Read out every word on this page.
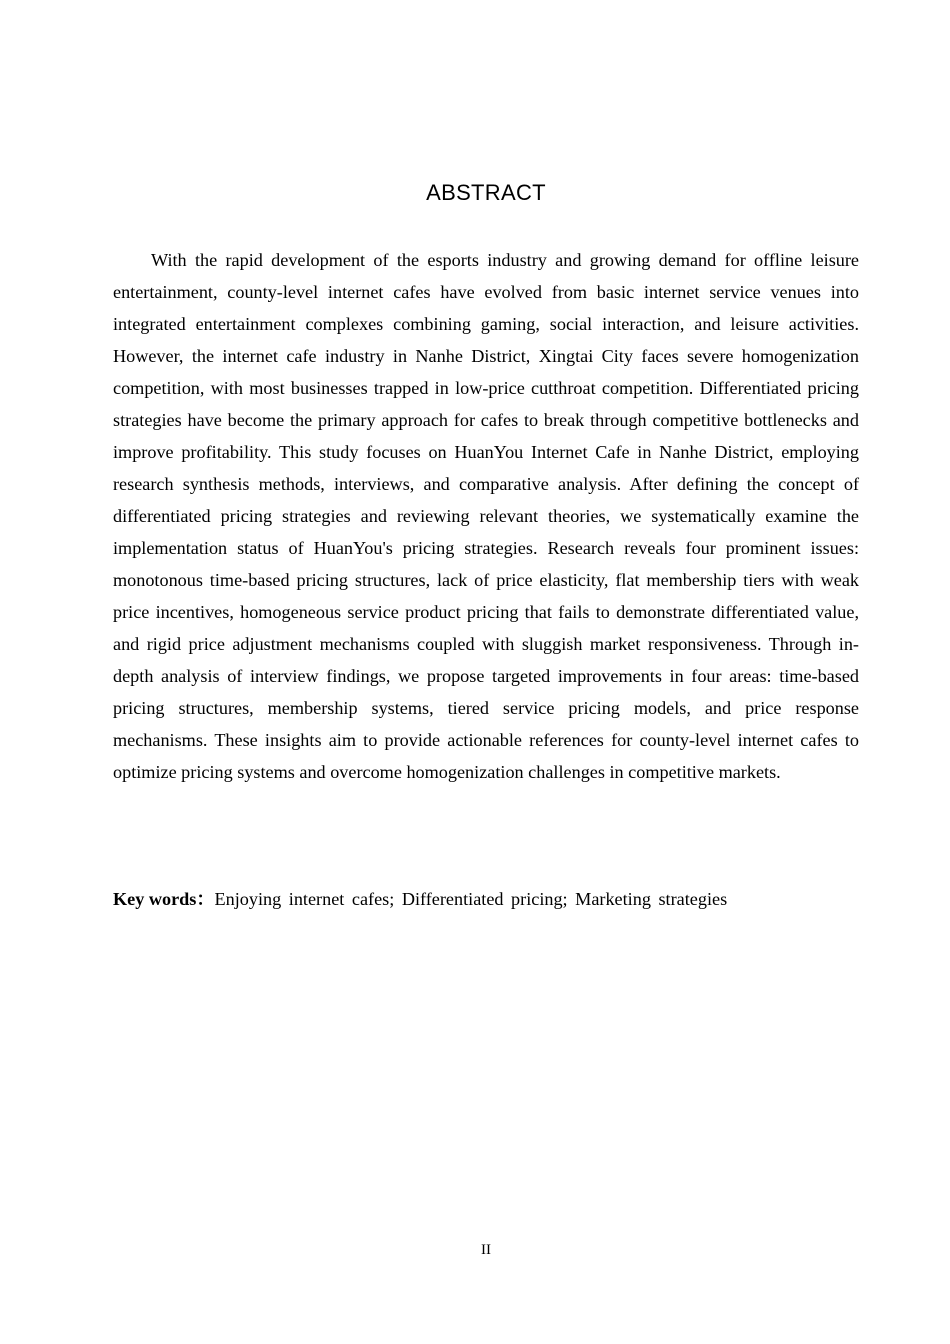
ABSTRACT

With the rapid development of the esports industry and growing demand for offline leisure entertainment, county-level internet cafes have evolved from basic internet service venues into integrated entertainment complexes combining gaming, social interaction, and leisure activities. However, the internet cafe industry in Nanhe District, Xingtai City faces severe homogenization competition, with most businesses trapped in low-price cutthroat competition. Differentiated pricing strategies have become the primary approach for cafes to break through competitive bottlenecks and improve profitability. This study focuses on HuanYou Internet Cafe in Nanhe District, employing research synthesis methods, interviews, and comparative analysis. After defining the concept of differentiated pricing strategies and reviewing relevant theories, we systematically examine the implementation status of HuanYou's pricing strategies. Research reveals four prominent issues: monotonous time-based pricing structures, lack of price elasticity, flat membership tiers with weak price incentives, homogeneous service product pricing that fails to demonstrate differentiated value, and rigid price adjustment mechanisms coupled with sluggish market responsiveness. Through in-depth analysis of interview findings, we propose targeted improvements in four areas: time-based pricing structures, membership systems, tiered service pricing models, and price response mechanisms. These insights aim to provide actionable references for county-level internet cafes to optimize pricing systems and overcome homogenization challenges in competitive markets.

Key words：Enjoying internet cafes; Differentiated pricing; Marketing strategies

II
